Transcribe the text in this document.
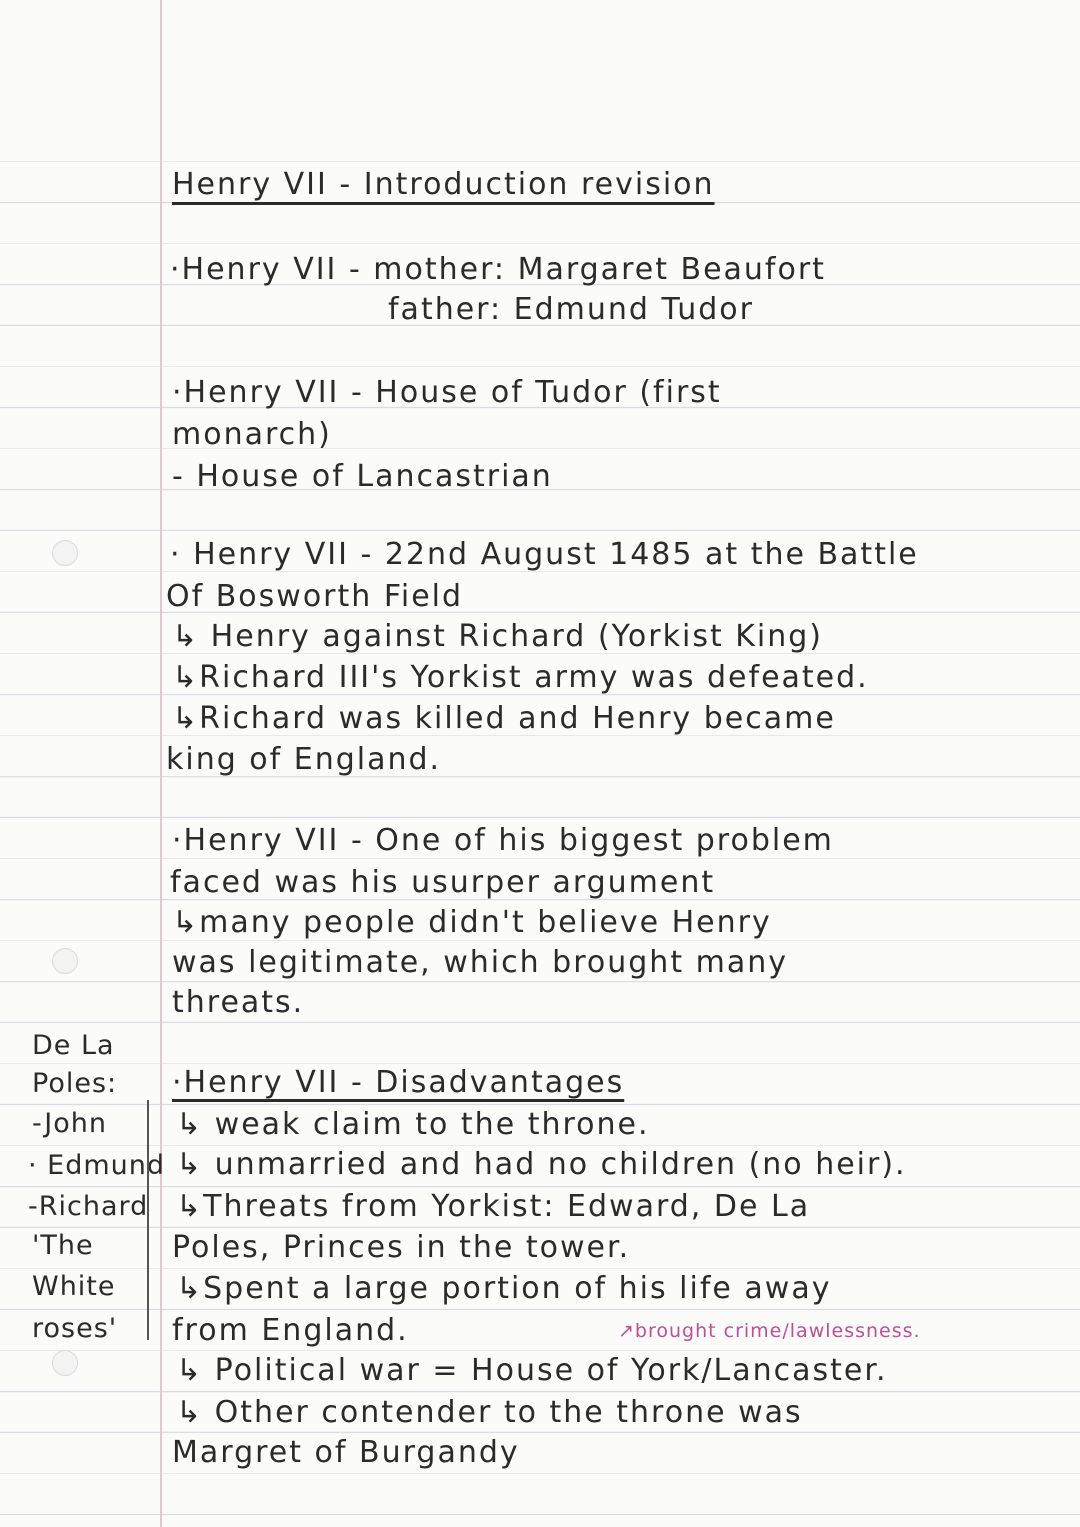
Henry VII - Introduction revision
·Henry VII - mother: Margaret Beaufort
father: Edmund Tudor
·Henry VII - House of Tudor (first
monarch)
- House of Lancastrian
· Henry VII - 22nd August 1485 at the Battle
Of Bosworth Field
↳ Henry against Richard (Yorkist King)
↳Richard III's Yorkist army was defeated.
↳Richard was killed and Henry became
king of England.
·Henry VII - One of his biggest problem
faced was his usurper argument
↳many people didn't believe Henry
was legitimate, which brought many
threats.
De La
Poles:
-John
· Edmund
-Richard
'The
White
roses'
·Henry VII - Disadvantages
↳ weak claim to the throne.
↳ unmarried and had no children (no heir).
↳Threats from Yorkist: Edward, De La
Poles, Princes in the tower.
↳Spent a large portion of his life away
from England.	↗brought crime/lawlessness.
↳ Political war = House of York/Lancaster.
↳ Other contender to the throne was
Margret of Burgandy
